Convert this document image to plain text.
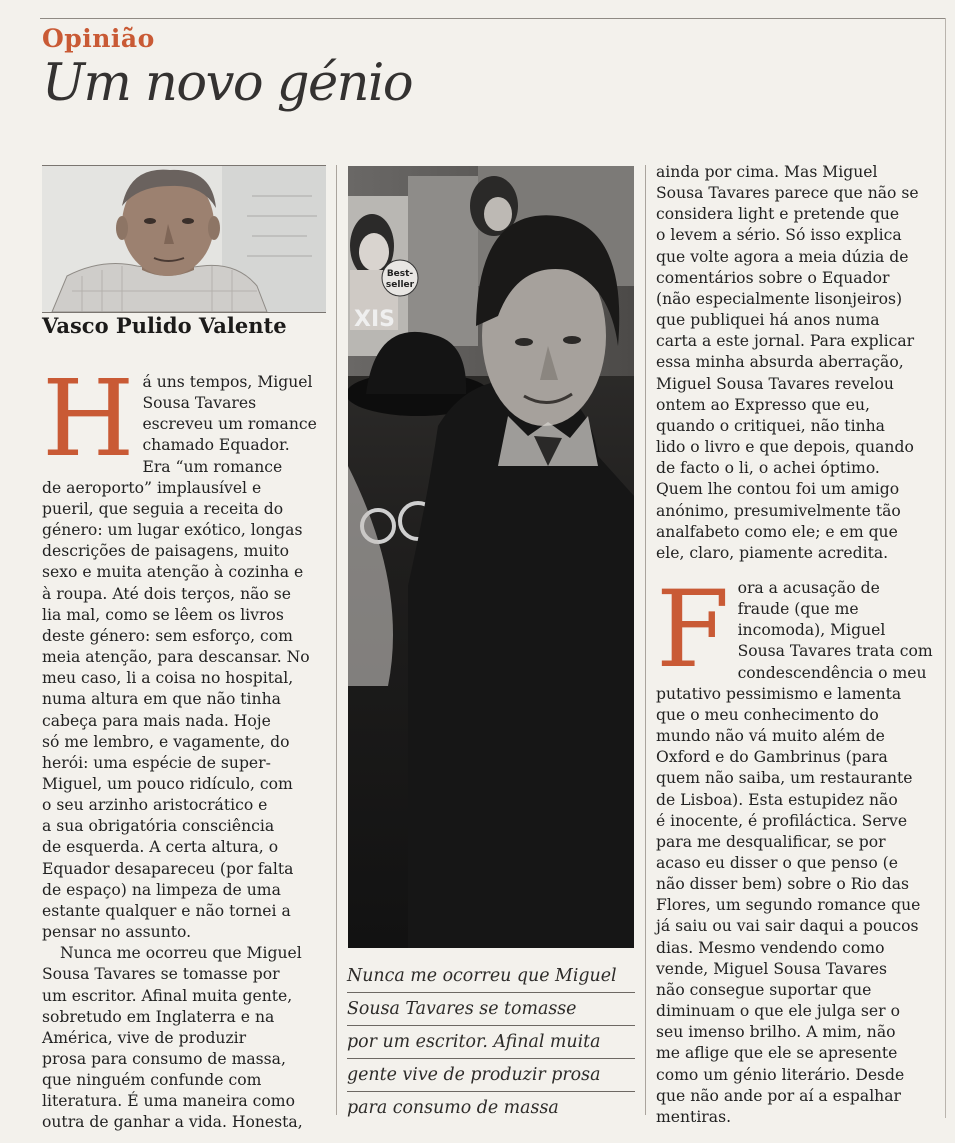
Opinião
Um novo génio
Vasco Pulido Valente

Há uns tempos, Miguel
Sousa Tavares
escreveu um romance
chamado Equador.
Era “um romance
de aeroporto” implausível e
pueril, que seguia a receita do
género: um lugar exótico, longas
descrições de paisagens, muito
sexo e muita atenção à cozinha e
à roupa. Até dois terços, não se
lia mal, como se lêem os livros
deste género: sem esforço, com
meia atenção, para descansar. No
meu caso, li a coisa no hospital,
numa altura em que não tinha
cabeça para mais nada. Hoje
só me lembro, e vagamente, do
herói: uma espécie de super-
Miguel, um pouco ridículo, com
o seu arzinho aristocrático e
a sua obrigatória consciência
de esquerda. A certa altura, o
Equador desapareceu (por falta
de espaço) na limpeza de uma
estante qualquer e não tornei a
pensar no assunto.

Nunca me ocorreu que Miguel
Sousa Tavares se tomasse por
um escritor. Afinal muita gente,
sobretudo em Inglaterra e na
América, vive de produzir
prosa para consumo de massa,
que ninguém confunde com
literatura. É uma maneira como
outra de ganhar a vida. Honesta,

Best-
seller
XIS
Nunca me ocorreu que Miguel
Sousa Tavares se tomasse
por um escritor. Afinal muita
gente vive de produzir prosa
para consumo de massa

ainda por cima. Mas Miguel
Sousa Tavares parece que não se
considera light e pretende que
o levem a sério. Só isso explica
que volte agora a meia dúzia de
comentários sobre o Equador
(não especialmente lisonjeiros)
que publiquei há anos numa
carta a este jornal. Para explicar
essa minha absurda aberração,
Miguel Sousa Tavares revelou
ontem ao Expresso que eu,
quando o critiquei, não tinha
lido o livro e que depois, quando
de facto o li, o achei óptimo.
Quem lhe contou foi um amigo
anónimo, presumivelmente tão
analfabeto como ele; e em que
ele, claro, piamente acredita.

Fora a acusação de
fraude (que me
incomoda), Miguel
Sousa Tavares trata com
condescendência o meu
putativo pessimismo e lamenta
que o meu conhecimento do
mundo não vá muito além de
Oxford e do Gambrinus (para
quem não saiba, um restaurante
de Lisboa). Esta estupidez não
é inocente, é profiláctica. Serve
para me desqualificar, se por
acaso eu disser o que penso (e
não disser bem) sobre o Rio das
Flores, um segundo romance que
já saiu ou vai sair daqui a poucos
dias. Mesmo vendendo como
vende, Miguel Sousa Tavares
não consegue suportar que
diminuam o que ele julga ser o
seu imenso brilho. A mim, não
me aflige que ele se apresente
como um génio literário. Desde
que não ande por aí a espalhar
mentiras.
